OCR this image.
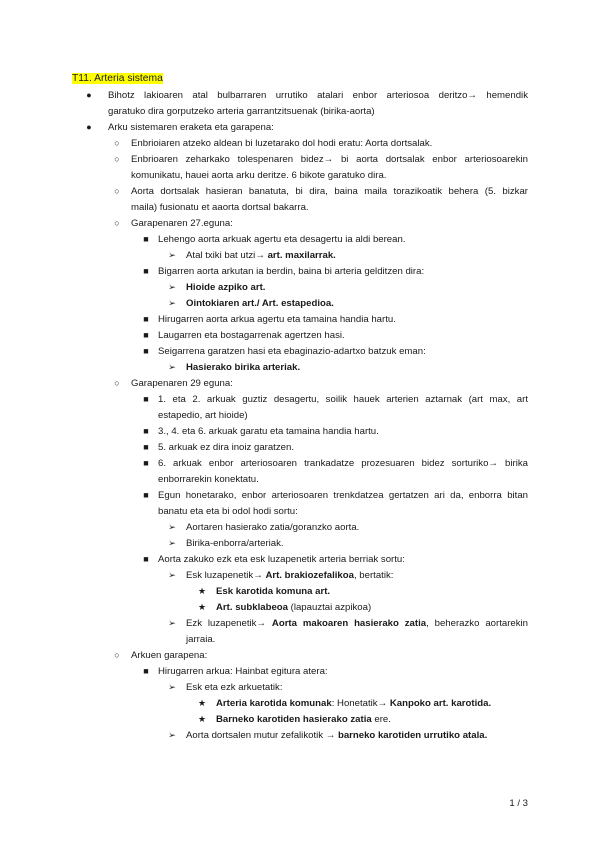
T11. Arteria sistema
●	Bihotz lakioaren atal bulbarraren urrutiko atalari enbor arteriosoa deritzo→ hemendik
garatuko dira gorputzeko arteria garrantzitsuenak (birika-aorta)
●	Arku sistemaren eraketa eta garapena:
○	Enbrioiaren atzeko aldean bi luzetarako dol hodi eratu: Aorta dortsalak.
○	Enbrioaren zeharkako tolespenaren bidez→ bi aorta dortsalak enbor arteriosoarekin
komunikatu, hauei aorta arku deritze. 6 bikote garatuko dira.
○	Aorta dortsalak hasieran banatuta, bi dira, baina maila torazikoatik behera (5. bizkar
maila) fusionatu et aaorta dortsal bakarra.
○	Garapenaren 27.eguna:
■ Lehengo aorta arkuak agertu eta desagertu ia aldi berean.
➢ Atal txiki bat utzi→ art. maxilarrak.
■ Bigarren aorta arkutan ia berdin, baina bi arteria gelditzen dira:
➢ Hioide azpiko art.
➢ Ointokiaren art./ Art. estapedioa.
■ Hirugarren aorta arkua agertu eta tamaina handia hartu.
■ Laugarren eta bostagarrenak agertzen hasi.
■ Seigarrena garatzen hasi eta ebaginazio-adartxo batzuk eman:
➢ Hasierako birika arteriak.
○	Garapenaren 29 eguna:
■ 1. eta 2. arkuak guztiz desagertu, soilik hauek arterien aztarnak (art max, art
estapedio, art hioide)
■ 3., 4. eta 6. arkuak garatu eta tamaina handia hartu.
■ 5. arkuak ez dira inoiz garatzen.
■ 6. arkuak enbor arteriosoaren trankadatze prozesuaren bidez sorturiko→ birika
enborrarekin konektatu.
■ Egun honetarako, enbor arteriosoaren trenkdatzea gertatzen ari da, enborra bitan
banatu eta eta bi odol hodi sortu:
➢ Aortaren hasierako zatia/goranzko aorta.
➢ Birika-enborra/arteriak.
■ Aorta zakuko ezk eta esk luzapenetik arteria berriak sortu:
➢ Esk luzapenetik→ Art. brakiozefalikoa, bertatik:
★ Esk karotida komuna art.
★ Art. subklabeoa (lapauztai azpikoa)
➢ Ezk luzapenetik→ Aorta makoaren hasierako zatia, beherazko aortarekin
jarraia.
○	Arkuen garapena:
■ Hirugarren arkua: Hainbat egitura atera:
➢ Esk eta ezk arkuetatik:
★ Arteria karotida komunak: Honetatik→ Kanpoko art. karotida.
★ Barneko karotiden hasierako zatia ere.
➢ Aorta dortsalen mutur zefalikotik → barneko karotiden urrutiko atala.
1 / 3
